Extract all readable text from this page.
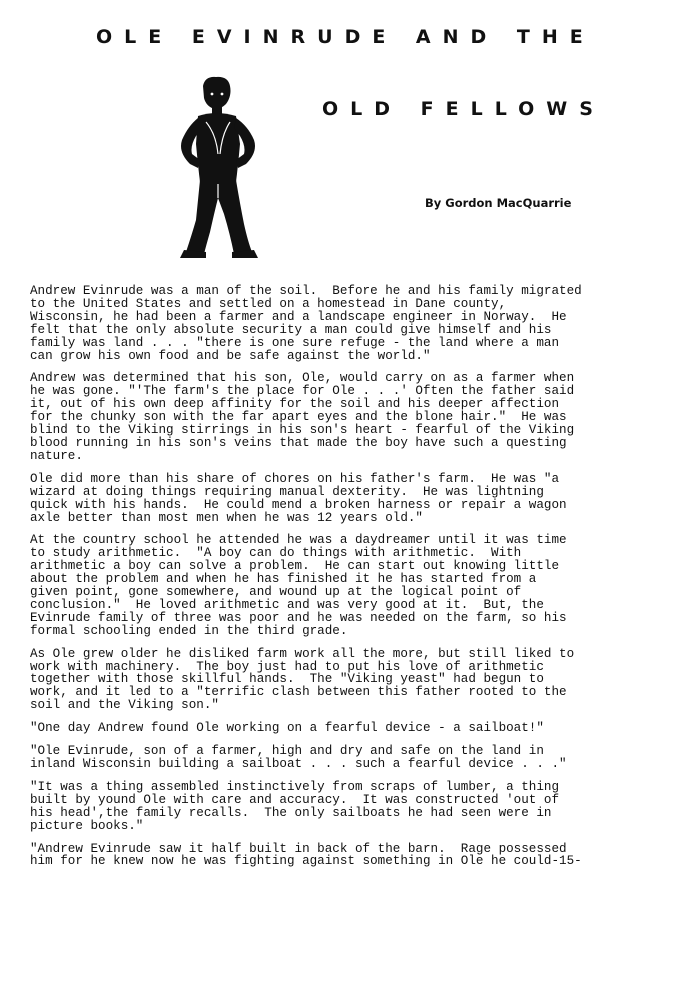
OLE EVINRUDE AND THE
OLD FELLOWS
By Gordon MacQuarrie

Andrew Evinrude was a man of the soil.  Before he and his family migrated
to the United States and settled on a homestead in Dane county,
Wisconsin, he had been a farmer and a landscape engineer in Norway.  He
felt that the only absolute security a man could give himself and his
family was land . . . "there is one sure refuge - the land where a man
can grow his own food and be safe against the world."

Andrew was determined that his son, Ole, would carry on as a farmer when
he was gone. "'The farm's the place for Ole . . .' Often the father said
it, out of his own deep affinity for the soil and his deeper affection
for the chunky son with the far apart eyes and the blone hair."  He was
blind to the Viking stirrings in his son's heart - fearful of the Viking
blood running in his son's veins that made the boy have such a questing
nature.

Ole did more than his share of chores on his father's farm.  He was "a
wizard at doing things requiring manual dexterity.  He was lightning
quick with his hands.  He could mend a broken harness or repair a wagon
axle better than most men when he was 12 years old."

At the country school he attended he was a daydreamer until it was time
to study arithmetic.  "A boy can do things with arithmetic.  With
arithmetic a boy can solve a problem.  He can start out knowing little
about the problem and when he has finished it he has started from a
given point, gone somewhere, and wound up at the logical point of
conclusion."  He loved arithmetic and was very good at it.  But, the
Evinrude family of three was poor and he was needed on the farm, so his
formal schooling ended in the third grade.

As Ole grew older he disliked farm work all the more, but still liked to
work with machinery.  The boy just had to put his love of arithmetic
together with those skillful hands.  The "Viking yeast" had begun to
work, and it led to a "terrific clash between this father rooted to the
soil and the Viking son."

"One day Andrew found Ole working on a fearful device - a sailboat!"

"Ole Evinrude, son of a farmer, high and dry and safe on the land in
inland Wisconsin building a sailboat . . . such a fearful device . . ."

"It was a thing assembled instinctively from scraps of lumber, a thing
built by yound Ole with care and accuracy.  It was constructed 'out of
his head',the family recalls.  The only sailboats he had seen were in
picture books."

"Andrew Evinrude saw it half built in back of the barn.  Rage possessed
him for he knew now he was fighting against something in Ole he could-15-
